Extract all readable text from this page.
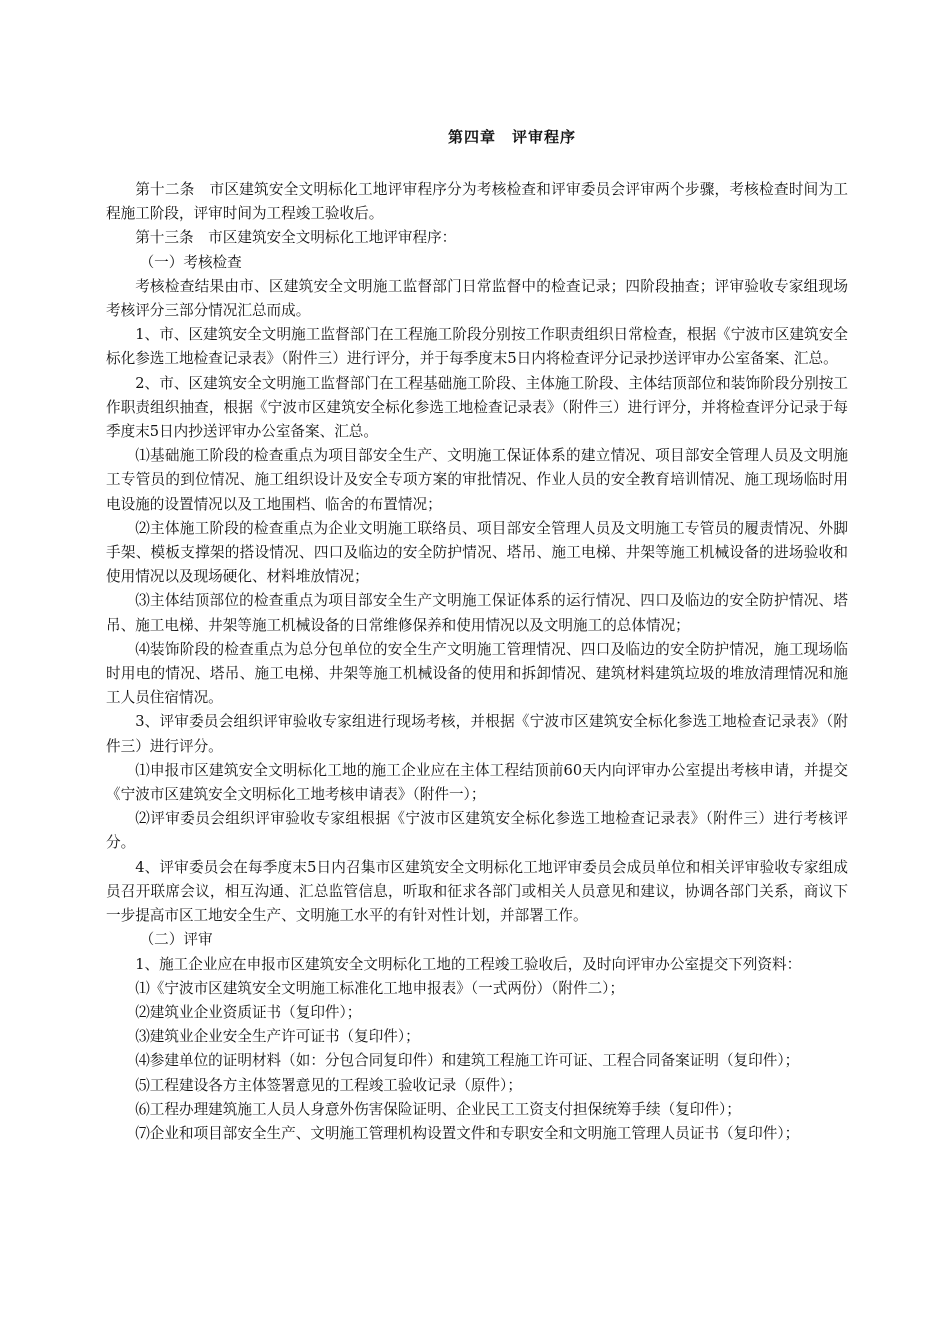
第四章　评审程序

第十二条　市区建筑安全文明标化工地评审程序分为考核检查和评审委员会评审两个步骤，考核检查时间为工程施工阶段，评审时间为工程竣工验收后。

第十三条　市区建筑安全文明标化工地评审程序：

（一）考核检查

考核检查结果由市、区建筑安全文明施工监督部门日常监督中的检查记录；四阶段抽查；评审验收专家组现场考核评分三部分情况汇总而成。

1、市、区建筑安全文明施工监督部门在工程施工阶段分别按工作职责组织日常检查，根据《宁波市区建筑安全标化参选工地检查记录表》（附件三）进行评分，并于每季度末5日内将检查评分记录抄送评审办公室备案、汇总。

2、市、区建筑安全文明施工监督部门在工程基础施工阶段、主体施工阶段、主体结顶部位和装饰阶段分别按工作职责组织抽查，根据《宁波市区建筑安全标化参选工地检查记录表》（附件三）进行评分，并将检查评分记录于每季度末5日内抄送评审办公室备案、汇总。

⑴基础施工阶段的检查重点为项目部安全生产、文明施工保证体系的建立情况、项目部安全管理人员及文明施工专管员的到位情况、施工组织设计及安全专项方案的审批情况、作业人员的安全教育培训情况、施工现场临时用电设施的设置情况以及工地围档、临舍的布置情况；

⑵主体施工阶段的检查重点为企业文明施工联络员、项目部安全管理人员及文明施工专管员的履责情况、外脚手架、模板支撑架的搭设情况、四口及临边的安全防护情况、塔吊、施工电梯、井架等施工机械设备的进场验收和使用情况以及现场硬化、材料堆放情况；

⑶主体结顶部位的检查重点为项目部安全生产文明施工保证体系的运行情况、四口及临边的安全防护情况、塔吊、施工电梯、井架等施工机械设备的日常维修保养和使用情况以及文明施工的总体情况；

⑷装饰阶段的检查重点为总分包单位的安全生产文明施工管理情况、四口及临边的安全防护情况，施工现场临时用电的情况、塔吊、施工电梯、井架等施工机械设备的使用和拆卸情况、建筑材料建筑垃圾的堆放清理情况和施工人员住宿情况。

3、评审委员会组织评审验收专家组进行现场考核，并根据《宁波市区建筑安全标化参选工地检查记录表》（附件三）进行评分。

⑴申报市区建筑安全文明标化工地的施工企业应在主体工程结顶前60天内向评审办公室提出考核申请，并提交《宁波市区建筑安全文明标化工地考核申请表》（附件一）；

⑵评审委员会组织评审验收专家组根据《宁波市区建筑安全标化参选工地检查记录表》（附件三）进行考核评分。

4、评审委员会在每季度末5日内召集市区建筑安全文明标化工地评审委员会成员单位和相关评审验收专家组成员召开联席会议，相互沟通、汇总监管信息，听取和征求各部门或相关人员意见和建议，协调各部门关系，商议下一步提高市区工地安全生产、文明施工水平的有针对性计划，并部署工作。

（二）评审

1、施工企业应在申报市区建筑安全文明标化工地的工程竣工验收后，及时向评审办公室提交下列资料：

⑴《宁波市区建筑安全文明施工标准化工地申报表》（一式两份）（附件二）；

⑵建筑业企业资质证书（复印件）；

⑶建筑业企业安全生产许可证书（复印件）；

⑷参建单位的证明材料（如：分包合同复印件）和建筑工程施工许可证、工程合同备案证明（复印件）；

⑸工程建设各方主体签署意见的工程竣工验收记录（原件）；

⑹工程办理建筑施工人员人身意外伤害保险证明、企业民工工资支付担保统筹手续（复印件）；

⑺企业和项目部安全生产、文明施工管理机构设置文件和专职安全和文明施工管理人员证书（复印件）；
